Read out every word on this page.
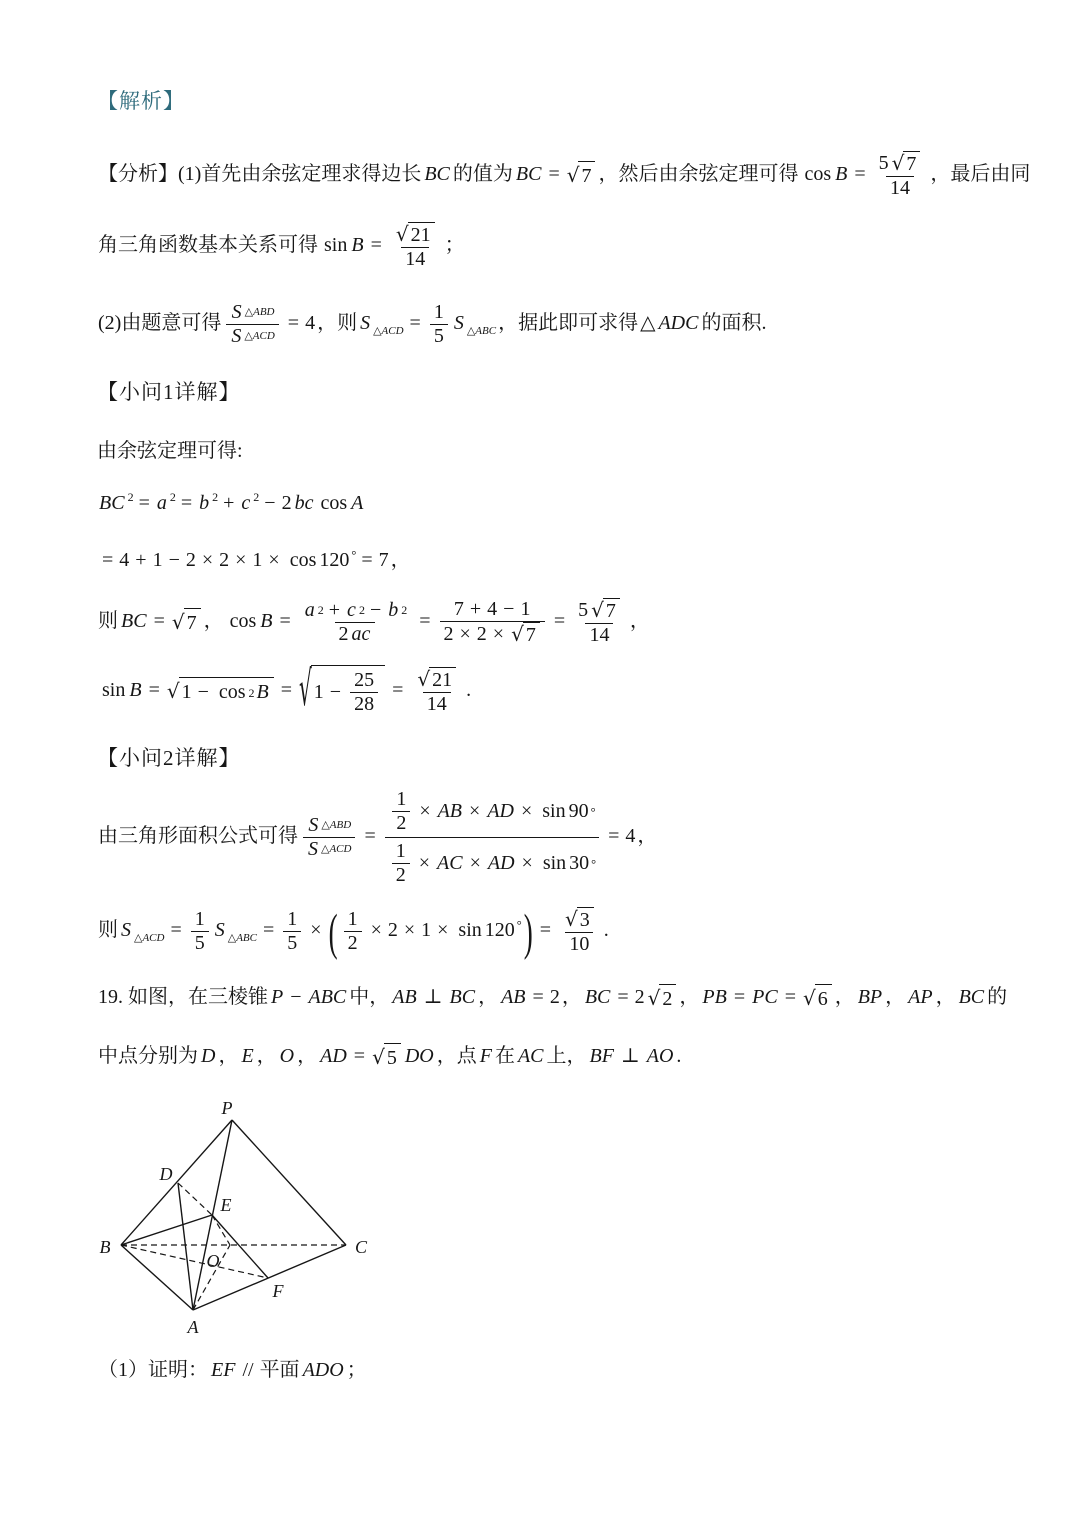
【解析】
【分析】(1)首先由余弦定理求得边长 BC 的值为 BC = √ 7 ，然后由余弦定理可得 $\cos B = \frac{5 √ 7}{14}$ ，最后由同
角三角函数基本关系可得 $\sin B = \frac{√ 21}{14}$ ；
(2)由题意可得
S △ABD
S △ACD
= 4 ，则 S △ACD = $\frac{1}{5}$ S △ABC ，据此即可求得 △ ADC 的面积.
【小问1详解】
由余弦定理可得:
BC 2 = a 2 = b 2 + c 2 − 2 bc cos A
= 4 + 1 − 2 × 2 × 1 × cos 120 ° = 7 ，
则 BC = √ 7 ， $\cos B = \frac{a 2 + c 2 - b 2}{2 ac} = \frac{7 + 4 - 1}{2 \times 2 \times √ 7} = \frac{5 √ 7}{14}$ ，
sin B = √ 1 − cos 2 B = √ $1 - \frac{25}{28} = \frac{√ 21}{14}$ .
【小问2详解】
由三角形面积公式可得
S △ABD
S △ACD
= $\frac{\frac{1}{2} \times AB \times AD \times \sin 90 ^\circ}{\frac{1}{2} \times AC \times AD \times \sin 30 ^\circ} = 4$ ，
则 S △ACD = $\frac{1}{5}$ S △ABC = $\frac{1}{5}$ × ( $\frac{1}{2} \times 2 \times 1 \times \sin 120$ °) = $\frac{√ 3}{10}$ .
19. 如图，在三棱锥 P − ABC 中， AB ⊥ BC ， AB = 2 ， BC = 2 √ 2 ， PB = PC = √ 6 ， BP ， AP ， BC 的
中点分别为 D ， E ， O ， AD = √ 5 DO ，点 F 在 AC 上， BF ⊥ AO .
P
D
E
B
O
C
F
A
（1）证明： EF // 平面 ADO ；
